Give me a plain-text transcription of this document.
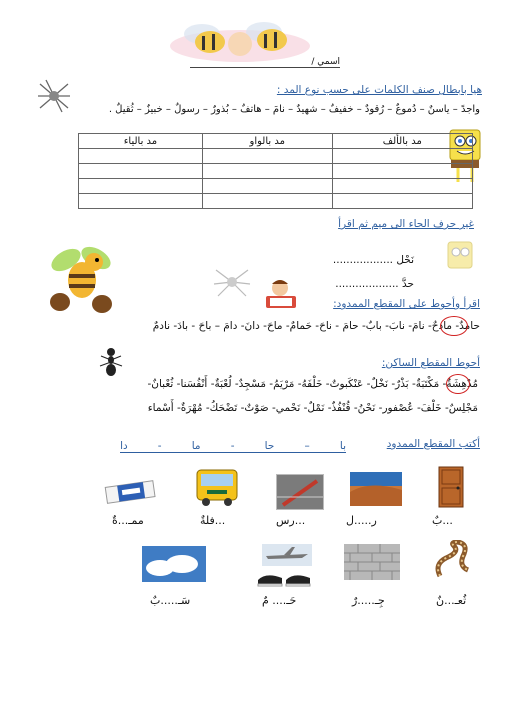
اسمي /
هيا بابطال صنف الكلمات على حسب نوع المد :
واجدً – ياسنٌ – دُموعٌ – رُقودٌ – خفيفٌ – شهيدٌ – نامَ – هاتفٌ – بُذورٌ – رسولٌ – خبيزٌ – ثُقيلٌ .
مد بالألف	مد بالواو	مد بالياء

غير حرف الحاء الى ميم ثم اقرأ
نَحْل ..................
حدَّ ...................
اقرأ وأحوط على المقطع الممدود:
حامدٌ- مادحٌ- نامَ- نابَ- بابٌ- حامَ - ناحَ- حَمامٌ- ماحَ- دانَ- دامَ – باحَ - بادَ- نادمٌ
أحوط المقطع الساكن:
مُدْهِشَةٌ- مَكْتَبَةٌ- بَذْرٌ- نَخْلٌ- عَنْكَبوتٌ- خَلْفَهُ- مَرْيَمُ- مَسْجِدٌ- لُعْبَةٌ- أَنْفُسَنا- ثُعْبانٌ-
مَجْلِسٌ- خَلْفَ- عُصْفور- نَحْنُ- قُنْفُذٌ- نَمْلٌ- نَحْمي- صَوْتٌ- تَضْحَكُ- مُهْرَةٌ- أَسْماء
أكتب المقطع الممدود
با
–
حا
-
ما
-
دا
...بٌ
ر.....ل
...رس
...فلةٌ
ممـ...ةٌ
ثُعـ...نٌ
جِـ.....رٌ
حَـ.... مٌ
سَـ.....بٌ
